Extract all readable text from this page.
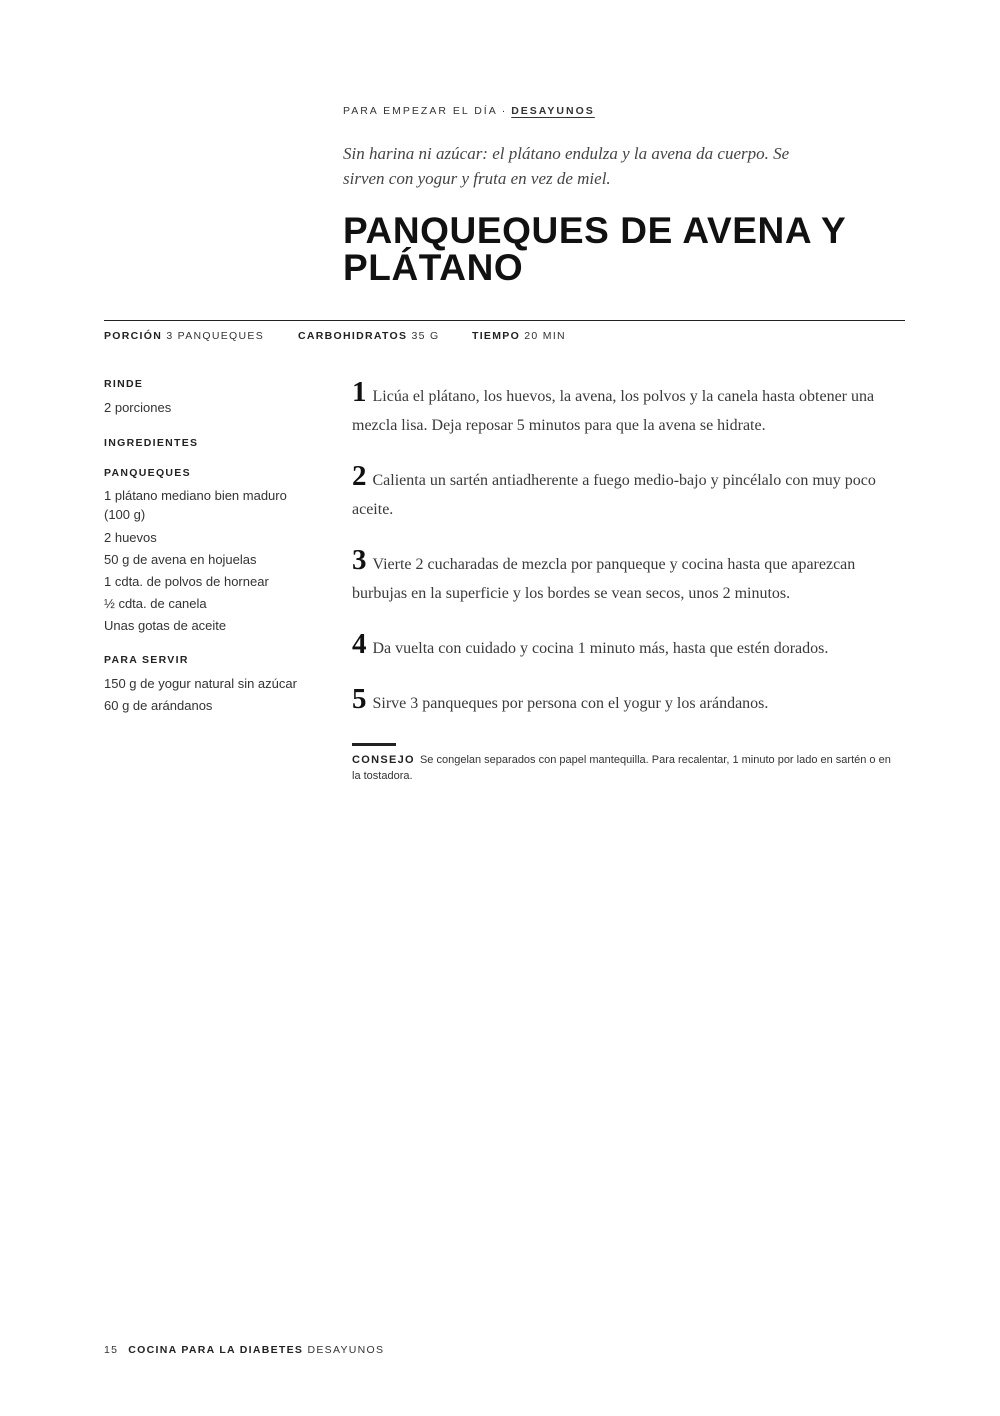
PARA EMPEZAR EL DÍA · DESAYUNOS
Sin harina ni azúcar: el plátano endulza y la avena da cuerpo. Se sirven con yogur y fruta en vez de miel.
PANQUEQUES DE AVENA Y
PLÁTANO
PORCIÓN 3 PANQUEQUES	CARBOHIDRATOS 35 G	TIEMPO 20 MIN
RINDE
2 porciones
INGREDIENTES
PANQUEQUES
1 plátano mediano bien maduro (100 g)
2 huevos
50 g de avena en hojuelas
1 cdta. de polvos de hornear
½ cdta. de canela
Unas gotas de aceite
PARA SERVIR
150 g de yogur natural sin azúcar
60 g de arándanos

1 Licúa el plátano, los huevos, la avena, los polvos y la canela hasta obtener una mezcla lisa. Deja reposar 5 minutos para que la avena se hidrate.

2 Calienta un sartén antiadherente a fuego medio-bajo y pincélalo con muy poco aceite.

3 Vierte 2 cucharadas de mezcla por panqueque y cocina hasta que aparezcan burbujas en la superficie y los bordes se vean secos, unos 2 minutos.

4 Da vuelta con cuidado y cocina 1 minuto más, hasta que estén dorados.

5 Sirve 3 panqueques por persona con el yogur y los arándanos.

CONSEJO Se congelan separados con papel mantequilla. Para recalentar, 1 minuto por lado en sartén o en la tostadora.
15 COCINA PARA LA DIABETES DESAYUNOS
